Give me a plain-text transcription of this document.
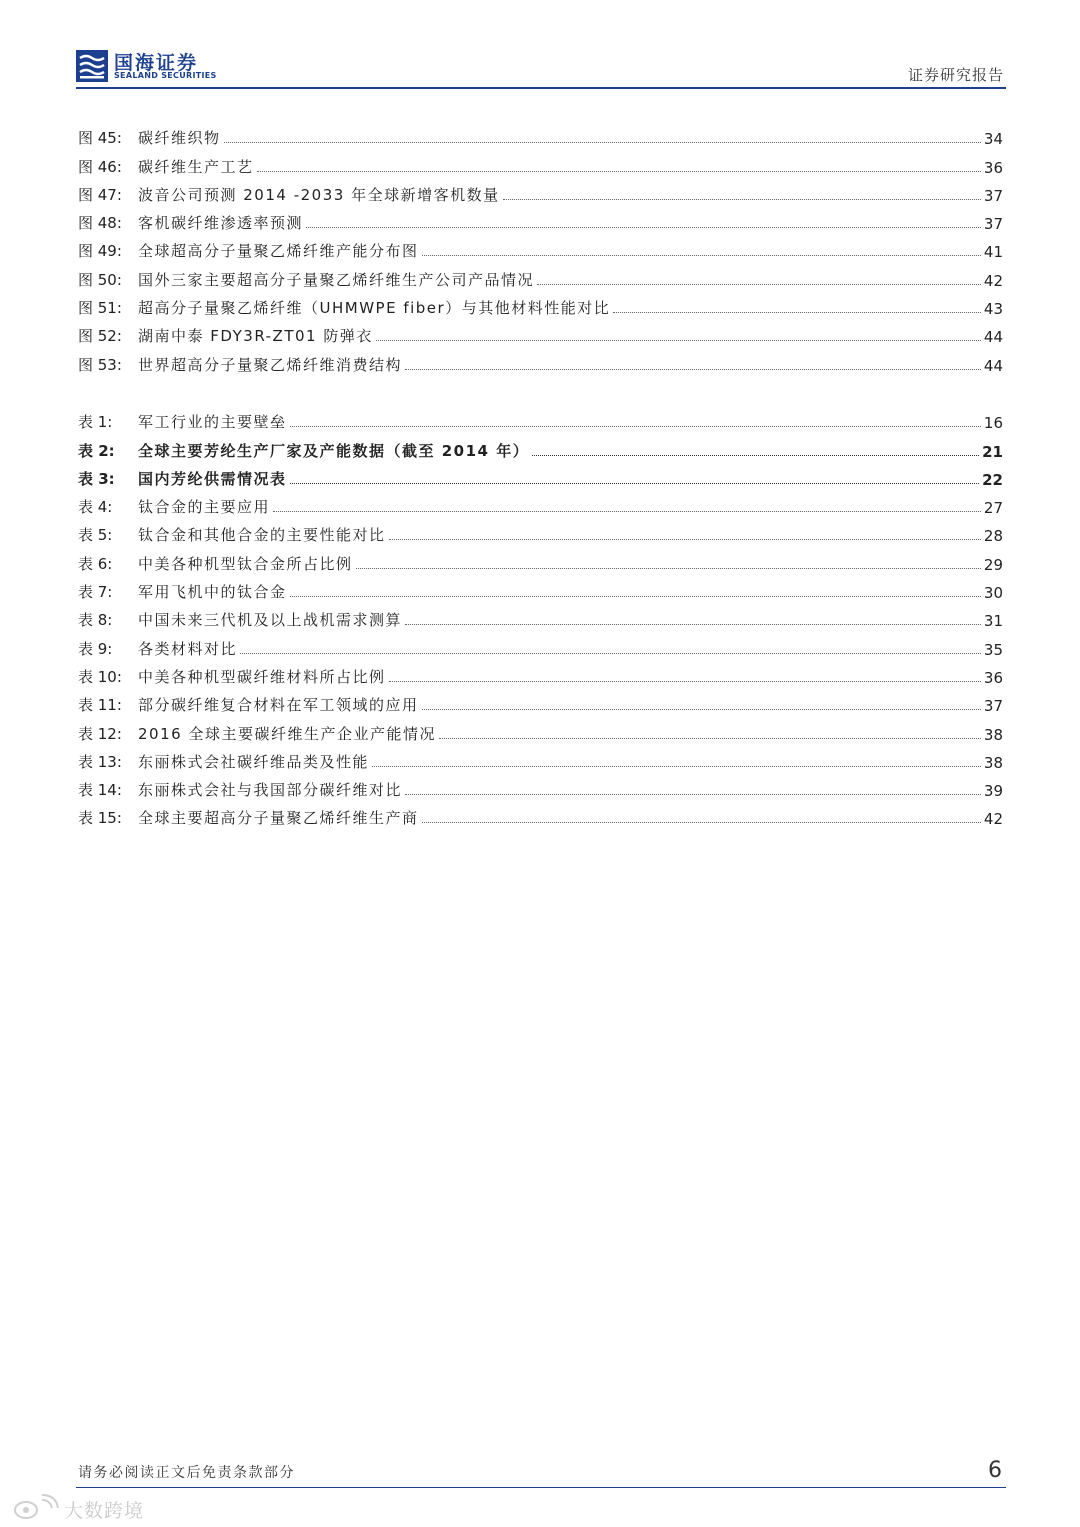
国海证券
SEALAND SECURITIES	证券研究报告
图 45:	碳纤维织物	34
图 46:	碳纤维生产工艺	36
图 47:	波音公司预测 2014 -2033 年全球新增客机数量	37
图 48:	客机碳纤维渗透率预测	37
图 49:	全球超高分子量聚乙烯纤维产能分布图	41
图 50:	国外三家主要超高分子量聚乙烯纤维生产公司产品情况	42
图 51:	超高分子量聚乙烯纤维（UHMWPE fiber）与其他材料性能对比	43
图 52:	湖南中泰 FDY3R-ZT01 防弹衣	44
图 53:	世界超高分子量聚乙烯纤维消费结构	44
表 1:	军工行业的主要壁垒	16
表 2:	全球主要芳纶生产厂家及产能数据（截至 2014 年）	21
表 3:	国内芳纶供需情况表	22
表 4:	钛合金的主要应用	27
表 5:	钛合金和其他合金的主要性能对比	28
表 6:	中美各种机型钛合金所占比例	29
表 7:	军用飞机中的钛合金	30
表 8:	中国未来三代机及以上战机需求测算	31
表 9:	各类材料对比	35
表 10:	中美各种机型碳纤维材料所占比例	36
表 11:	部分碳纤维复合材料在军工领域的应用	37
表 12:	2016 全球主要碳纤维生产企业产能情况	38
表 13:	东丽株式会社碳纤维品类及性能	38
表 14:	东丽株式会社与我国部分碳纤维对比	39
表 15:	全球主要超高分子量聚乙烯纤维生产商	42
请务必阅读正文后免责条款部分	6
大数跨境
